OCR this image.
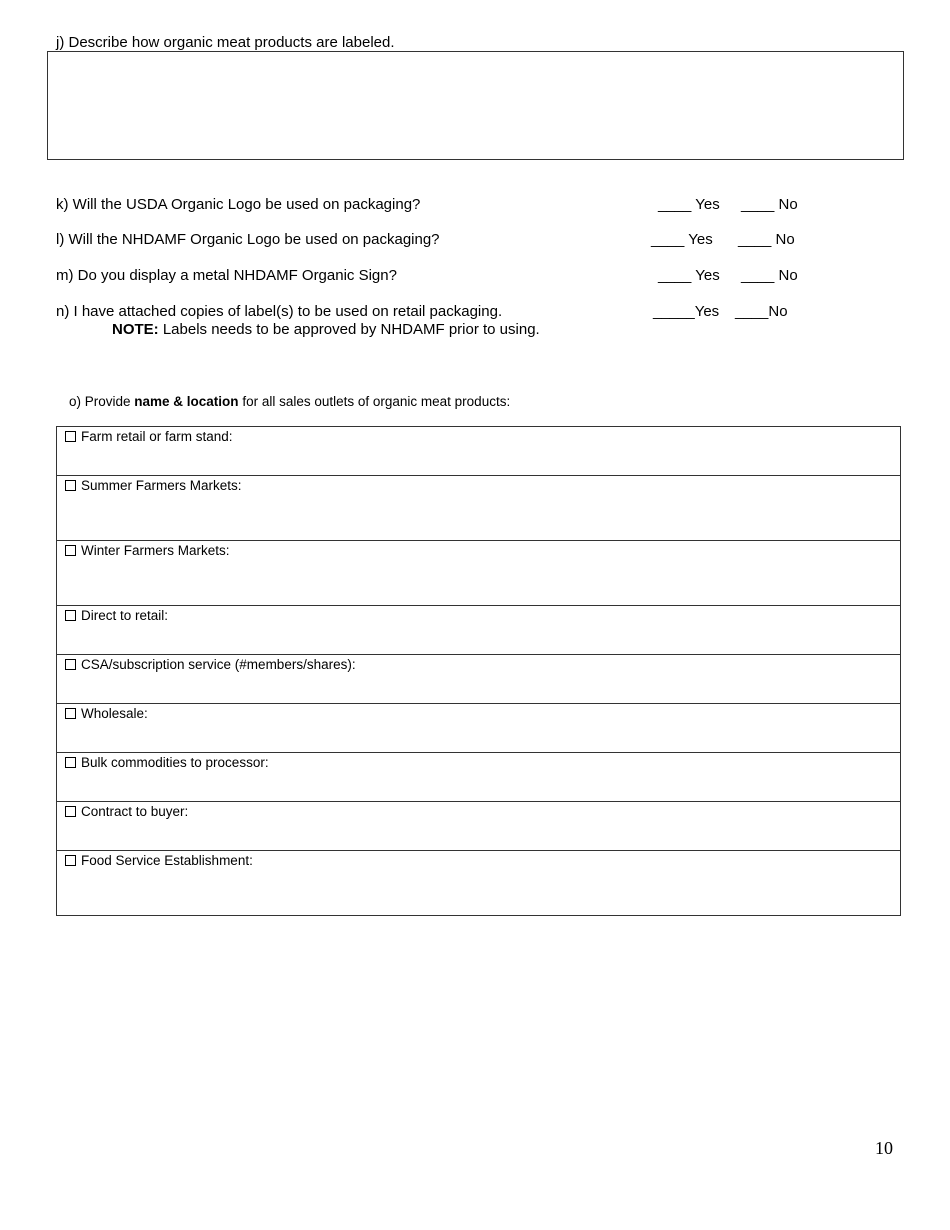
j) Describe how organic meat products are labeled.
k) Will the USDA Organic Logo be used on packaging?	____ Yes ____ No
l) Will the NHDAMF Organic Logo be used on packaging?	____ Yes ____ No
m) Do you display a metal NHDAMF Organic Sign?	____ Yes ____ No
n) I have attached copies of label(s) to be used on retail packaging.	_____Yes ____No
NOTE: Labels needs to be approved by NHDAMF prior to using.
o) Provide name & location for all sales outlets of organic meat products:
Farm retail or farm stand:
Summer Farmers Markets:
Winter Farmers Markets:
Direct to retail:
CSA/subscription service (#members/shares):
Wholesale:
Bulk commodities to processor:
Contract to buyer:
Food Service Establishment:
10
